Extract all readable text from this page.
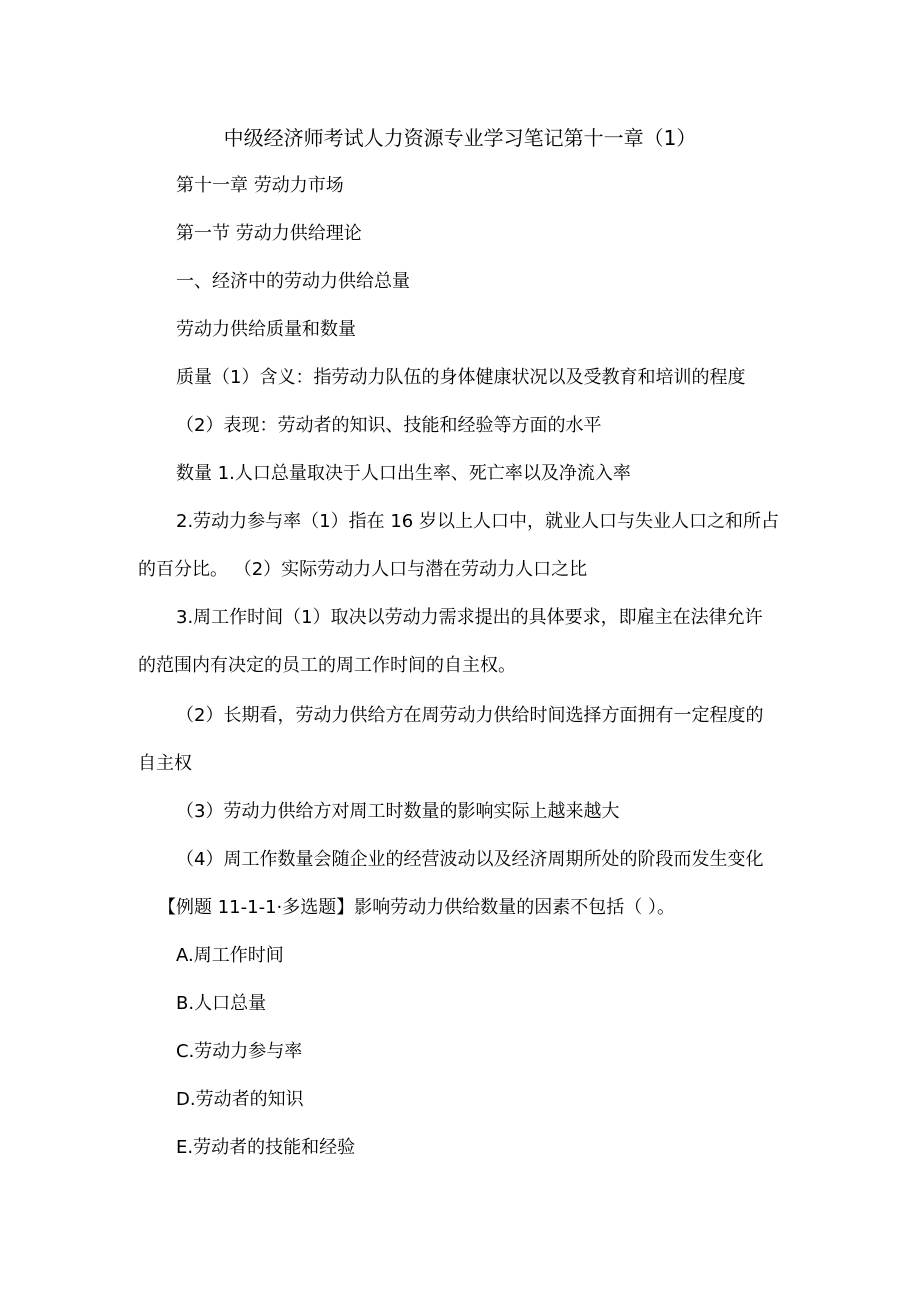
中级经济师考试人力资源专业学习笔记第十一章（1）
第十一章 劳动力市场
第一节 劳动力供给理论
一、经济中的劳动力供给总量
劳动力供给质量和数量
质量（1）含义：指劳动力队伍的身体健康状况以及受教育和培训的程度
（2）表现：劳动者的知识、技能和经验等方面的水平
数量 1.人口总量取决于人口出生率、死亡率以及净流入率
2.劳动力参与率（1）指在 16 岁以上人口中，就业人口与失业人口之和所占
的百分比。 （2）实际劳动力人口与潜在劳动力人口之比
3.周工作时间（1）取决以劳动力需求提出的具体要求，即雇主在法律允许
的范围内有决定的员工的周工作时间的自主权。
（2）长期看，劳动力供给方在周劳动力供给时间选择方面拥有一定程度的
自主权
（3）劳动力供给方对周工时数量的影响实际上越来越大
（4）周工作数量会随企业的经营波动以及经济周期所处的阶段而发生变化
【例题 11-1-1·多选题】影响劳动力供给数量的因素不包括（ ）。
A.周工作时间
B.人口总量
C.劳动力参与率
D.劳动者的知识
E.劳动者的技能和经验
